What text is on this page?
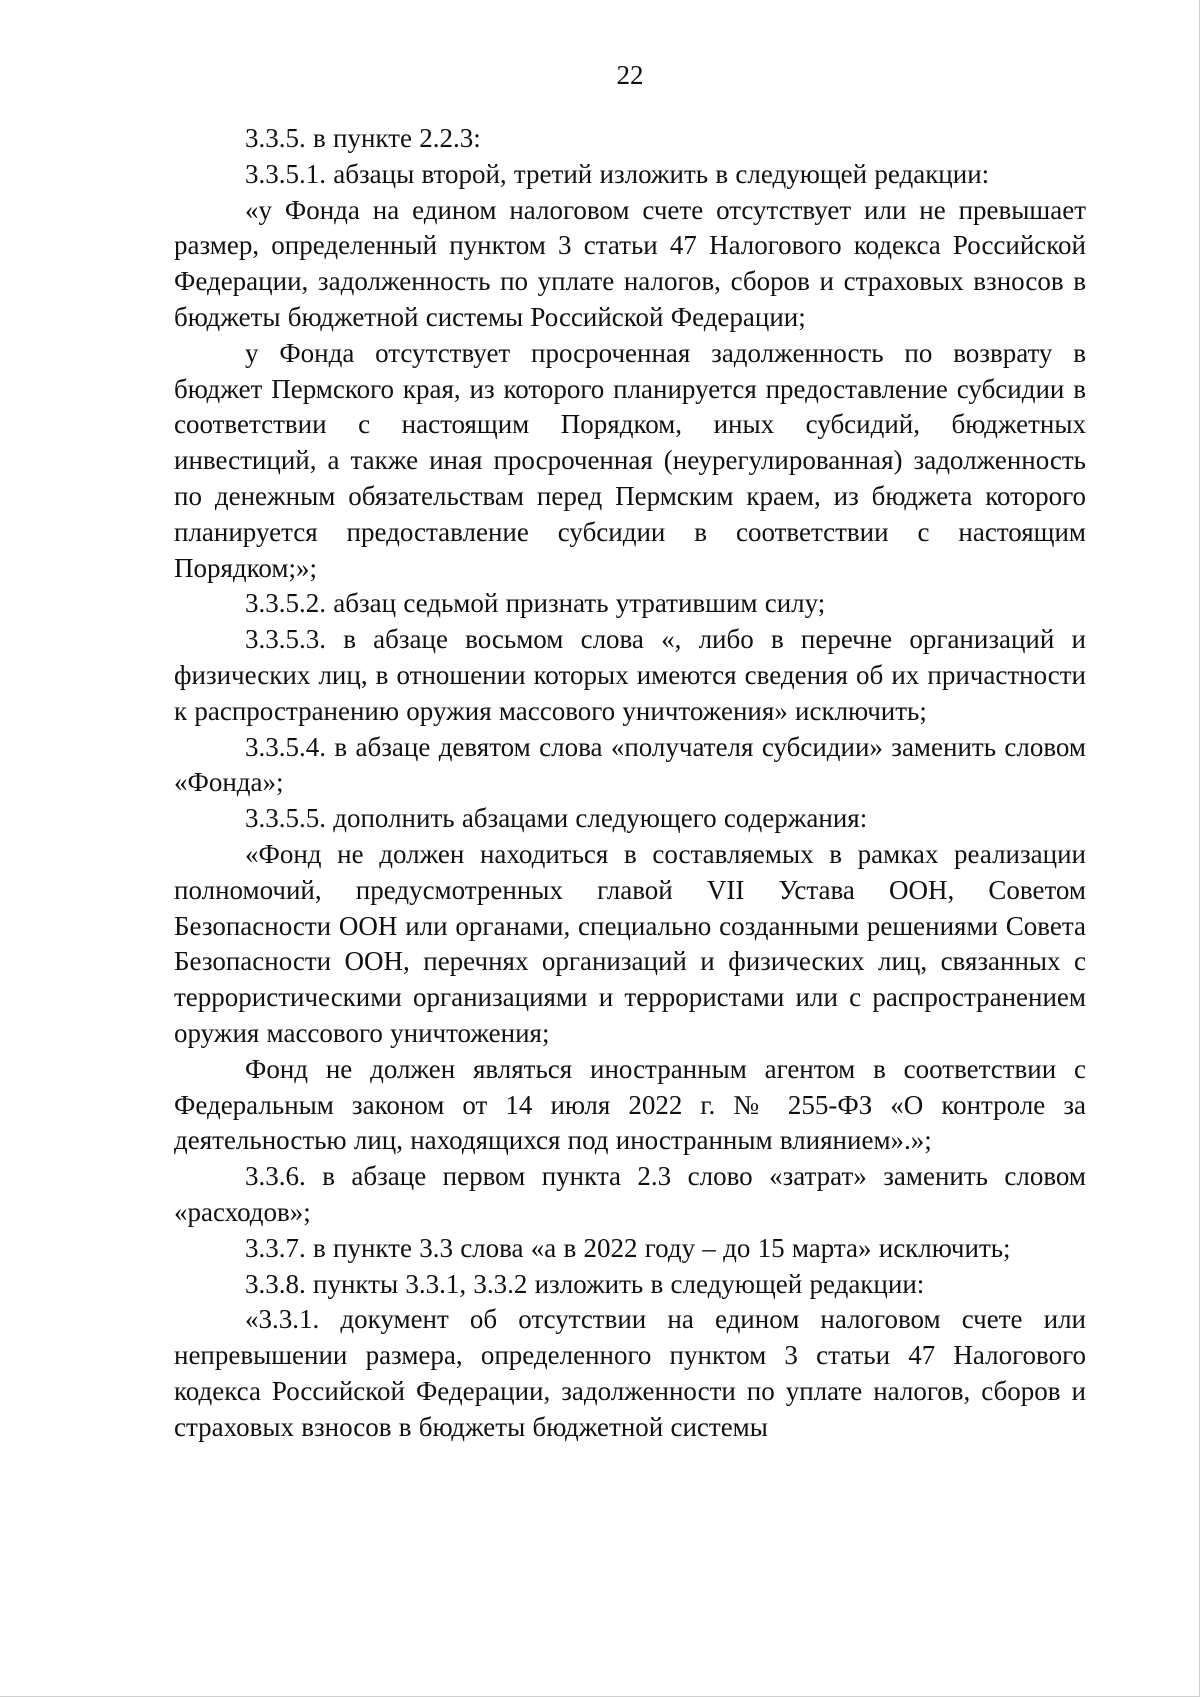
22

3.3.5. в пункте 2.2.3:

3.3.5.1. абзацы второй, третий изложить в следующей редакции:

«у Фонда на едином налоговом счете отсутствует или не превышает размер, определенный пунктом 3 статьи 47 Налогового кодекса Российской Федерации, задолженность по уплате налогов, сборов и страховых взносов в бюджеты бюджетной системы Российской Федерации;

у Фонда отсутствует просроченная задолженность по возврату в бюджет Пермского края, из которого планируется предоставление субсидии в соответствии с настоящим Порядком, иных субсидий, бюджетных инвестиций, а также иная просроченная (неурегулированная) задолженность по денежным обязательствам перед Пермским краем, из бюджета которого планируется предоставление субсидии в соответствии с настоящим Порядком;»;

3.3.5.2. абзац седьмой признать утратившим силу;

3.3.5.3. в абзаце восьмом слова «, либо в перечне организаций и физических лиц, в отношении которых имеются сведения об их причастности к распространению оружия массового уничтожения» исключить;

3.3.5.4. в абзаце девятом слова «получателя субсидии» заменить словом «Фонда»;

3.3.5.5. дополнить абзацами следующего содержания:

«Фонд не должен находиться в составляемых в рамках реализации полномочий, предусмотренных главой VII Устава ООН, Советом Безопасности ООН или органами, специально созданными решениями Совета Безопасности ООН, перечнях организаций и физических лиц, связанных с террористическими организациями и террористами или с распространением оружия массового уничтожения;

Фонд не должен являться иностранным агентом в соответствии с Федеральным законом от 14 июля 2022 г. № 255-ФЗ «О контроле за деятельностью лиц, находящихся под иностранным влиянием».»;

3.3.6. в абзаце первом пункта 2.3 слово «затрат» заменить словом «расходов»;

3.3.7. в пункте 3.3 слова «а в 2022 году – до 15 марта» исключить;

3.3.8. пункты 3.3.1, 3.3.2 изложить в следующей редакции:

«3.3.1. документ об отсутствии на едином налоговом счете или непревышении размера, определенного пунктом 3 статьи 47 Налогового кодекса Российской Федерации, задолженности по уплате налогов, сборов и страховых взносов в бюджеты бюджетной системы
